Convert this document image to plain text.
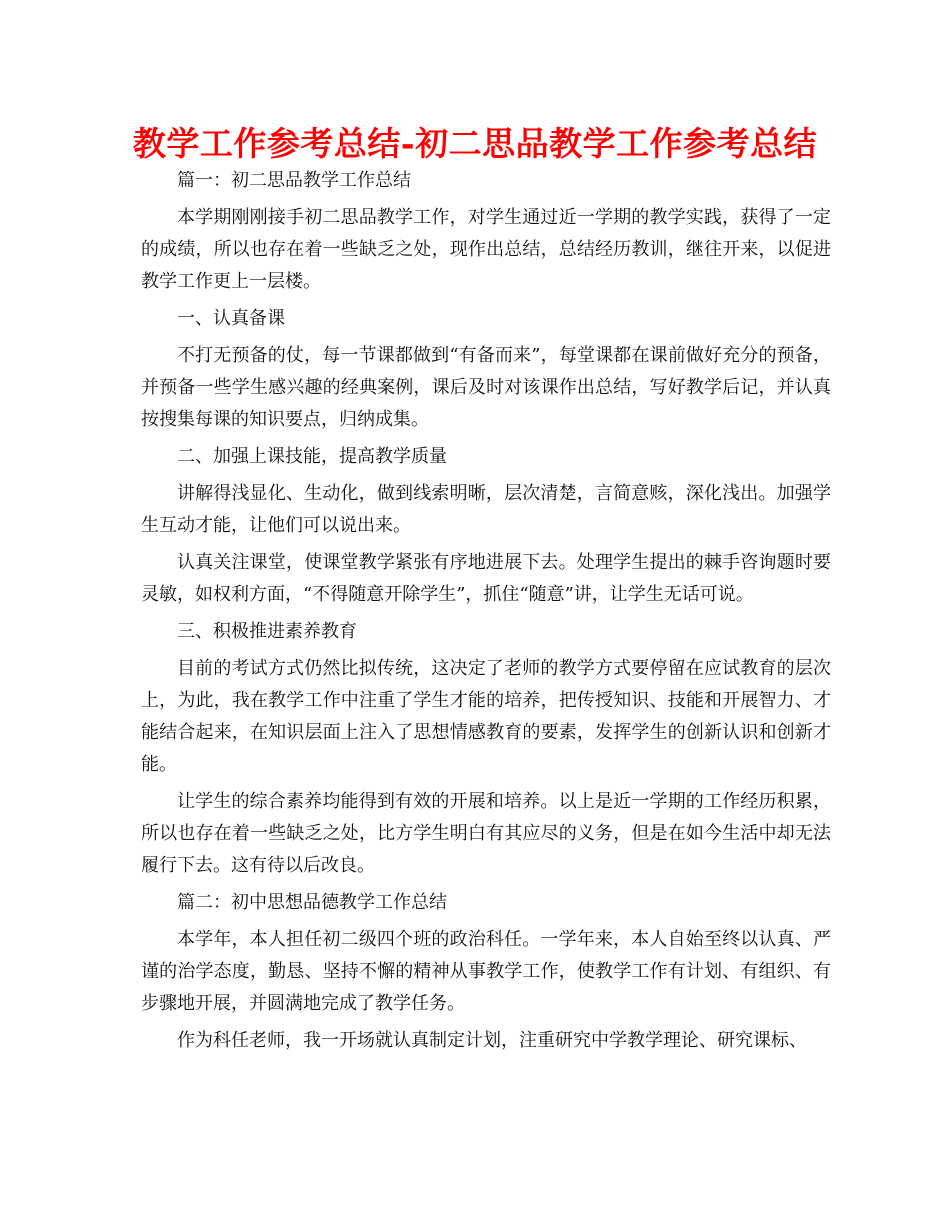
教学工作参考总结-初二思品教学工作参考总结

篇一：初二思品教学工作总结

本学期刚刚接手初二思品教学工作，对学生通过近一学期的教学实践，获得了一定的成绩，所以也存在着一些缺乏之处，现作出总结，总结经历教训，继往开来，以促进教学工作更上一层楼。

一、认真备课

不打无预备的仗，每一节课都做到“有备而来”，每堂课都在课前做好充分的预备，并预备一些学生感兴趣的经典案例，课后及时对该课作出总结，写好教学后记，并认真按搜集每课的知识要点，归纳成集。

二、加强上课技能，提高教学质量

讲解得浅显化、生动化，做到线索明晰，层次清楚，言简意赅，深化浅出。加强学生互动才能，让他们可以说出来。

认真关注课堂，使课堂教学紧张有序地进展下去。处理学生提出的棘手咨询题时要灵敏，如权利方面，“不得随意开除学生”，抓住“随意”讲，让学生无话可说。

三、积极推进素养教育

目前的考试方式仍然比拟传统，这决定了老师的教学方式要停留在应试教育的层次上，为此，我在教学工作中注重了学生才能的培养，把传授知识、技能和开展智力、才能结合起来，在知识层面上注入了思想情感教育的要素，发挥学生的创新认识和创新才能。

让学生的综合素养均能得到有效的开展和培养。以上是近一学期的工作经历积累，所以也存在着一些缺乏之处，比方学生明白有其应尽的义务，但是在如今生活中却无法履行下去。这有待以后改良。

篇二：初中思想品德教学工作总结

本学年，本人担任初二级四个班的政治科任。一学年来，本人自始至终以认真、严谨的治学态度，勤恳、坚持不懈的精神从事教学工作，使教学工作有计划、有组织、有步骤地开展，并圆满地完成了教学任务。

作为科任老师，我一开场就认真制定计划，注重研究中学教学理论、研究课标、
